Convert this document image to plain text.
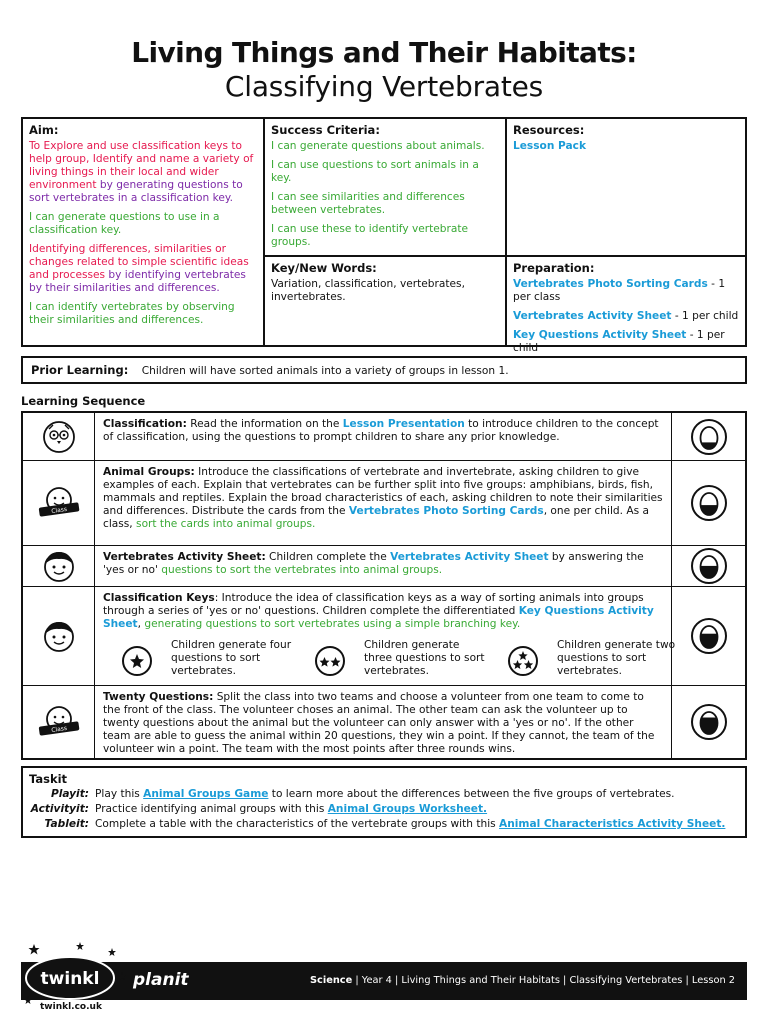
Living Things and Their Habitats:
Classifying Vertebrates
Aim:

To Explore and use classification keys to help group, Identify and name a variety of living things in their local and wider environment by generating questions to sort vertebrates in a classification key.

I can generate questions to use in a classification key.

Identifying differences, similarities or changes related to simple scientific ideas and processes by identifying vertebrates by their similarities and differences.

I can identify vertebrates by observing their similarities and differences.

Success Criteria:

I can generate questions about animals.

I can use questions to sort animals in a key.

I can see similarities and differences between vertebrates.

I can use these to identify vertebrate groups.

Resources:

Lesson Pack

Key/New Words:

Variation, classification, vertebrates, invertebrates.

Preparation:

Vertebrates Photo Sorting Cards - 1 per class

Vertebrates Activity Sheet - 1 per child

Key Questions Activity Sheet - 1 per child

Prior Learning: Children will have sorted animals into a variety of groups in lesson 1.
Learning Sequence
Classification: Read the information on the Lesson Presentation to introduce children to the concept of classification, using the questions to prompt children to share any prior knowledge.
Class
Animal Groups: Introduce the classifications of vertebrate and invertebrate, asking children to give examples of each. Explain that vertebrates can be further split into five groups: amphibians, birds, fish, mammals and reptiles. Explain the broad characteristics of each, asking children to note their similarities and differences. Distribute the cards from the Vertebrates Photo Sorting Cards, one per child. As a class, sort the cards into animal groups.
Vertebrates Activity Sheet: Children complete the Vertebrates Activity Sheet by answering the 'yes or no' questions to sort the vertebrates into animal groups.
Classification Keys: Introduce the idea of classification keys as a way of sorting animals into groups through a series of 'yes or no' questions. Children complete the differentiated Key Questions Activity Sheet, generating questions to sort vertebrates using a simple branching key.
Children generate four questions to sort vertebrates.
Children generate three questions to sort vertebrates.
Children generate two questions to sort vertebrates.
Class
Twenty Questions: Split the class into two teams and choose a volunteer from one team to come to the front of the class. The volunteer choses an animal. The other team can ask the volunteer up to twenty questions about the animal but the volunteer can only answer with a 'yes or no'. If the other team are able to guess the animal within 20 questions, they win a point. If they cannot, the team of the volunteer win a point. The team with the most points after three rounds wins.
Taskit
Playit: Play this Animal Groups Game to learn more about the differences between the five groups of vertebrates.
Activityit: Practice identifying animal groups with this Animal Groups Worksheet.
Tableit: Complete a table with the characteristics of the vertebrate groups with this Animal Characteristics Activity Sheet.
planit	Science | Year 4 | Living Things and Their Habitats | Classifying Vertebrates | Lesson 2
twinkl
twinkl.co.uk
